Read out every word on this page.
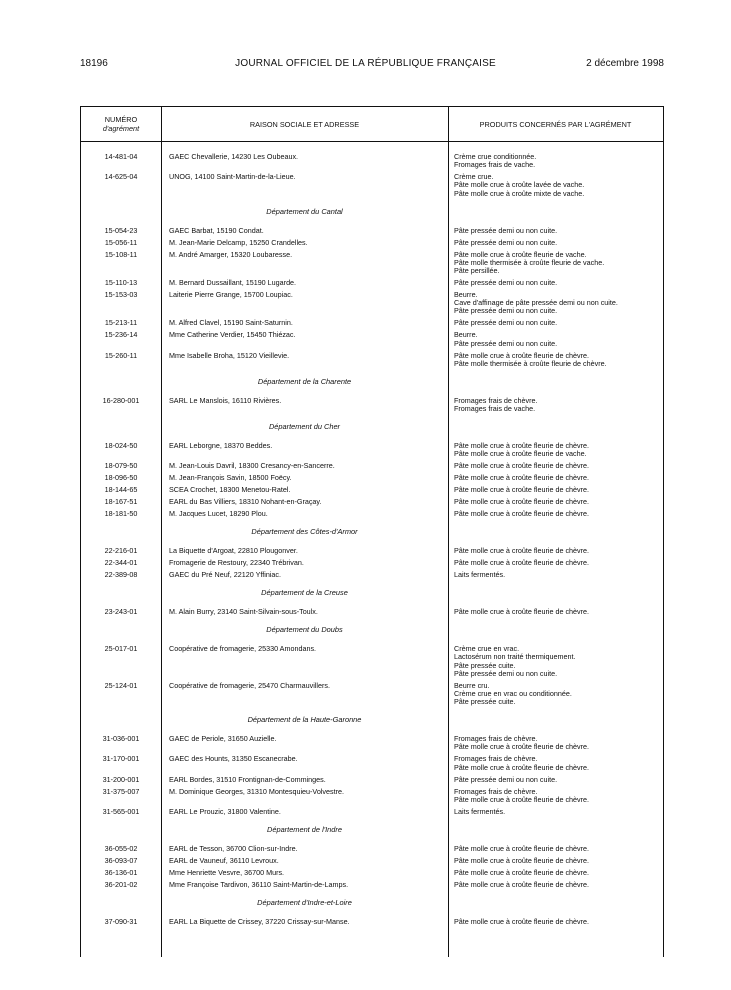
18196	JOURNAL OFFICIEL DE LA RÉPUBLIQUE FRANÇAISE	2 décembre 1998
NUMÉRO
d'agrément	RAISON SOCIALE ET ADRESSE	PRODUITS CONCERNÉS PAR L'AGRÉMENT
14-481-04	GAEC Chevallerie, 14230 Les Oubeaux.	Crème crue conditionnée.
Fromages frais de vache.
14-625-04	UNOG, 14100 Saint-Martin-de-la-Lieue.	Crème crue.
Pâte molle crue à croûte lavée de vache.
Pâte molle crue à croûte mixte de vache.
Département du Cantal
15-054-23	GAEC Barbat, 15190 Condat.	Pâte pressée demi ou non cuite.
15-056-11	M. Jean-Marie Delcamp, 15250 Crandelles.	Pâte pressée demi ou non cuite.
15-108-11	M. André Amarger, 15320 Loubaresse.	Pâte molle crue à croûte fleurie de vache.
Pâte molle thermisée à croûte fleurie de vache.
Pâte persillée.
15-110-13	M. Bernard Dussaillant, 15190 Lugarde.	Pâte pressée demi ou non cuite.
15-153-03	Laiterie Pierre Grange, 15700 Loupiac.	Beurre.
Cave d'affinage de pâte pressée demi ou non cuite.
Pâte pressée demi ou non cuite.
15-213-11	M. Alfred Clavel, 15190 Saint-Saturnin.	Pâte pressée demi ou non cuite.
15-236-14	Mme Catherine Verdier, 15450 Thiézac.	Beurre.
Pâte pressée demi ou non cuite.
15-260-11	Mme Isabelle Broha, 15120 Vieillevie.	Pâte molle crue à croûte fleurie de chèvre.
Pâte molle thermisée à croûte fleurie de chèvre.
Département de la Charente
16-280-001	SARL Le Manslois, 16110 Rivières.	Fromages frais de chèvre.
Fromages frais de vache.
Département du Cher
18-024-50	EARL Leborgne, 18370 Beddes.	Pâte molle crue à croûte fleurie de chèvre.
Pâte molle crue à croûte fleurie de vache.
18-079-50	M. Jean-Louis Davril, 18300 Cresancy-en-Sancerre.	Pâte molle crue à croûte fleurie de chèvre.
18-096-50	M. Jean-François Savin, 18500 Foëcy.	Pâte molle crue à croûte fleurie de chèvre.
18-144-65	SCEA Crochet, 18300 Menetou-Ratel.	Pâte molle crue à croûte fleurie de chèvre.
18-167-51	EARL du Bas Villiers, 18310 Nohant-en-Graçay.	Pâte molle crue à croûte fleurie de chèvre.
18-181-50	M. Jacques Lucet, 18290 Plou.	Pâte molle crue à croûte fleurie de chèvre.
Département des Côtes-d'Armor
22-216-01	La Biquette d'Argoat, 22810 Plougonver.	Pâte molle crue à croûte fleurie de chèvre.
22-344-01	Fromagerie de Restoury, 22340 Trébrivan.	Pâte molle crue à croûte fleurie de chèvre.
22-389-08	GAEC du Pré Neuf, 22120 Yffiniac.	Laits fermentés.
Département de la Creuse
23-243-01	M. Alain Burry, 23140 Saint-Silvain-sous-Toulx.	Pâte molle crue à croûte fleurie de chèvre.
Département du Doubs
25-017-01	Coopérative de fromagerie, 25330 Amondans.	Crème crue en vrac.
Lactosérum non traité thermiquement.
Pâte pressée cuite.
Pâte pressée demi ou non cuite.
25-124-01	Coopérative de fromagerie, 25470 Charmauvillers.	Beurre cru.
Crème crue en vrac ou conditionnée.
Pâte pressée cuite.
Département de la Haute-Garonne
31-036-001	GAEC de Periole, 31650 Auzielle.	Fromages frais de chèvre.
Pâte molle crue à croûte fleurie de chèvre.
31-170-001	GAEC des Hounts, 31350 Escanecrabe.	Fromages frais de chèvre.
Pâte molle crue à croûte fleurie de chèvre.
31-200-001	EARL Bordes, 31510 Frontignan-de-Comminges.	Pâte pressée demi ou non cuite.
31-375-007	M. Dominique Georges, 31310 Montesquieu-Volvestre.	Fromages frais de chèvre.
Pâte molle crue à croûte fleurie de chèvre.
31-565-001	EARL Le Prouzic, 31800 Valentine.	Laits fermentés.
Département de l'Indre
36-055-02	EARL de Tesson, 36700 Clion-sur-Indre.	Pâte molle crue à croûte fleurie de chèvre.
36-093-07	EARL de Vauneuf, 36110 Levroux.	Pâte molle crue à croûte fleurie de chèvre.
36-136-01	Mme Henriette Vesvre, 36700 Murs.	Pâte molle crue à croûte fleurie de chèvre.
36-201-02	Mme Françoise Tardivon, 36110 Saint-Martin-de-Lamps.	Pâte molle crue à croûte fleurie de chèvre.
Département d'Indre-et-Loire
37-090-31	EARL La Biquette de Crissey, 37220 Crissay-sur-Manse.	Pâte molle crue à croûte fleurie de chèvre.
